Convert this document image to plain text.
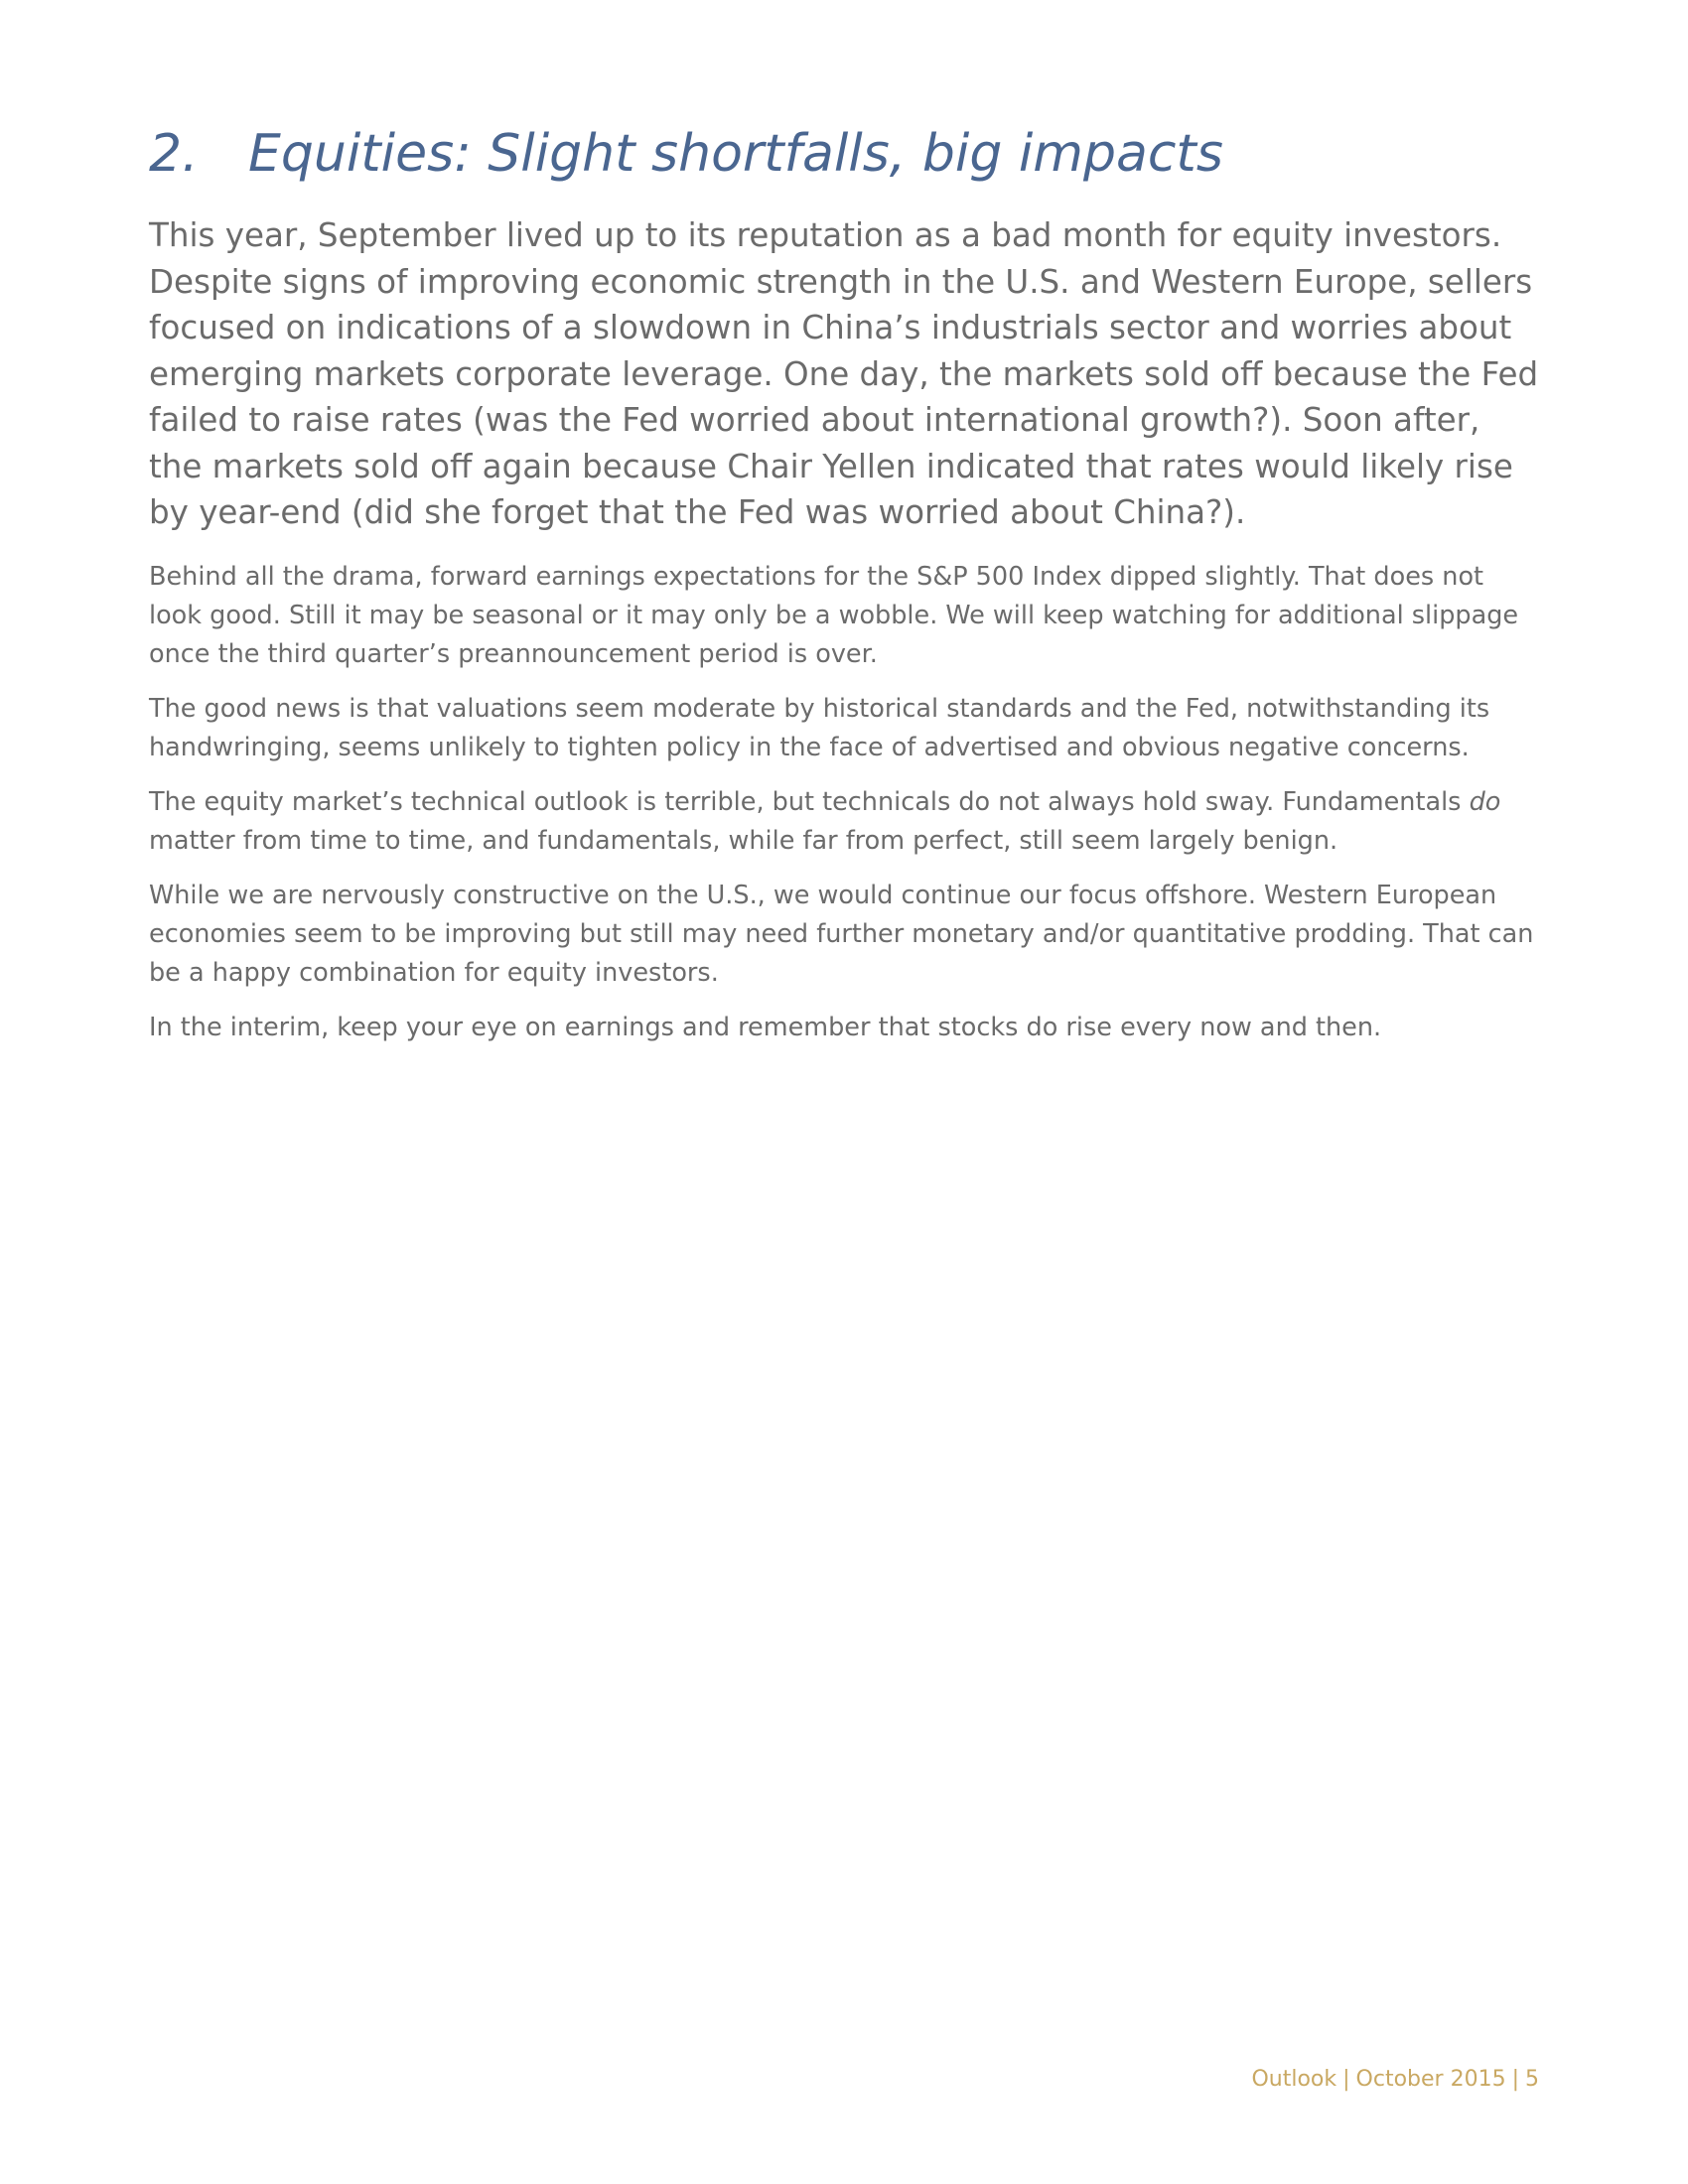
2. Equities: Slight shortfalls, big impacts

This year, September lived up to its reputation as a bad month for equity investors. Despite signs of improving economic strength in the U.S. and Western Europe, sellers focused on indications of a slowdown in China’s industrials sector and worries about emerging markets corporate leverage. One day, the markets sold off because the Fed failed to raise rates (was the Fed worried about international growth?). Soon after, the markets sold off again because Chair Yellen indicated that rates would likely rise by year-end (did she forget that the Fed was worried about China?).

Behind all the drama, forward earnings expectations for the S&P 500 Index dipped slightly. That does not look good. Still it may be seasonal or it may only be a wobble. We will keep watching for additional slippage once the third quarter’s preannouncement period is over.

The good news is that valuations seem moderate by historical standards and the Fed, notwithstanding its handwringing, seems unlikely to tighten policy in the face of advertised and obvious negative concerns.

The equity market’s technical outlook is terrible, but technicals do not always hold sway. Fundamentals do matter from time to time, and fundamentals, while far from perfect, still seem largely benign.

While we are nervously constructive on the U.S., we would continue our focus offshore. Western European economies seem to be improving but still may need further monetary and/or quantitative prodding. That can be a happy combination for equity investors.

In the interim, keep your eye on earnings and remember that stocks do rise every now and then.

Outlook | October 2015 | 5
